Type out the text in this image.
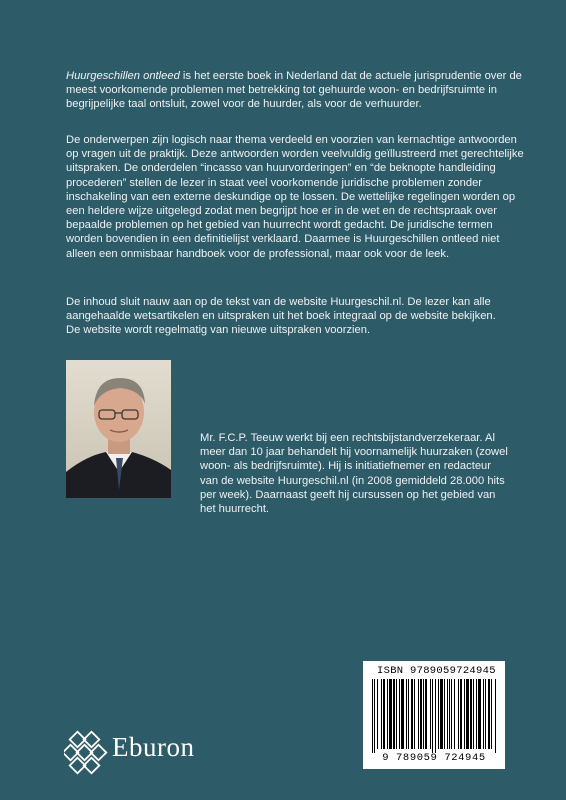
Huurgeschillen ontleed is het eerste boek in Nederland dat de actuele jurisprudentie over de meest voorkomende problemen met betrekking tot gehuurde woon- en bedrijfsruimte in begrijpelijke taal ontsluit, zowel voor de huurder, als voor de verhuurder.

De onderwerpen zijn logisch naar thema verdeeld en voorzien van kernachtige antwoorden op vragen uit de praktijk. Deze antwoorden worden veelvuldig geïllustreerd met gerechtelijke uitspraken. De onderdelen “incasso van huurvorderingen” en “de beknopte handleiding procederen” stellen de lezer in staat veel voorkomende juridische problemen zonder inschakeling van een externe deskundige op te lossen. De wettelijke regelingen worden op een heldere wijze uitgelegd zodat men begrijpt hoe er in de wet en de rechtspraak over bepaalde problemen op het gebied van huurrecht wordt gedacht. De juridische termen worden bovendien in een definitielijst verklaard. Daarmee is Huurgeschillen ontleed niet alleen een onmisbaar handboek voor de professional, maar ook voor de leek.

De inhoud sluit nauw aan op de tekst van de website Huurgeschil.nl. De lezer kan alle aangehaalde wetsartikelen en uitspraken uit het boek integraal op de website bekijken.

De website wordt regelmatig van nieuwe uitspraken voorzien.

Mr. F.C.P. Teeuw werkt bij een rechtsbijstandverzekeraar. Al meer dan 10 jaar behandelt hij voornamelijk huurzaken (zowel woon- als bedrijfsruimte). Hij is initiatiefnemer en redacteur van de website Huurgeschil.nl (in 2008 gemiddeld 28.000 hits per week). Daarnaast geeft hij cursussen op het gebied van het huurrecht.

Eburon
ISBN 9789059724945
9 789059 724945
